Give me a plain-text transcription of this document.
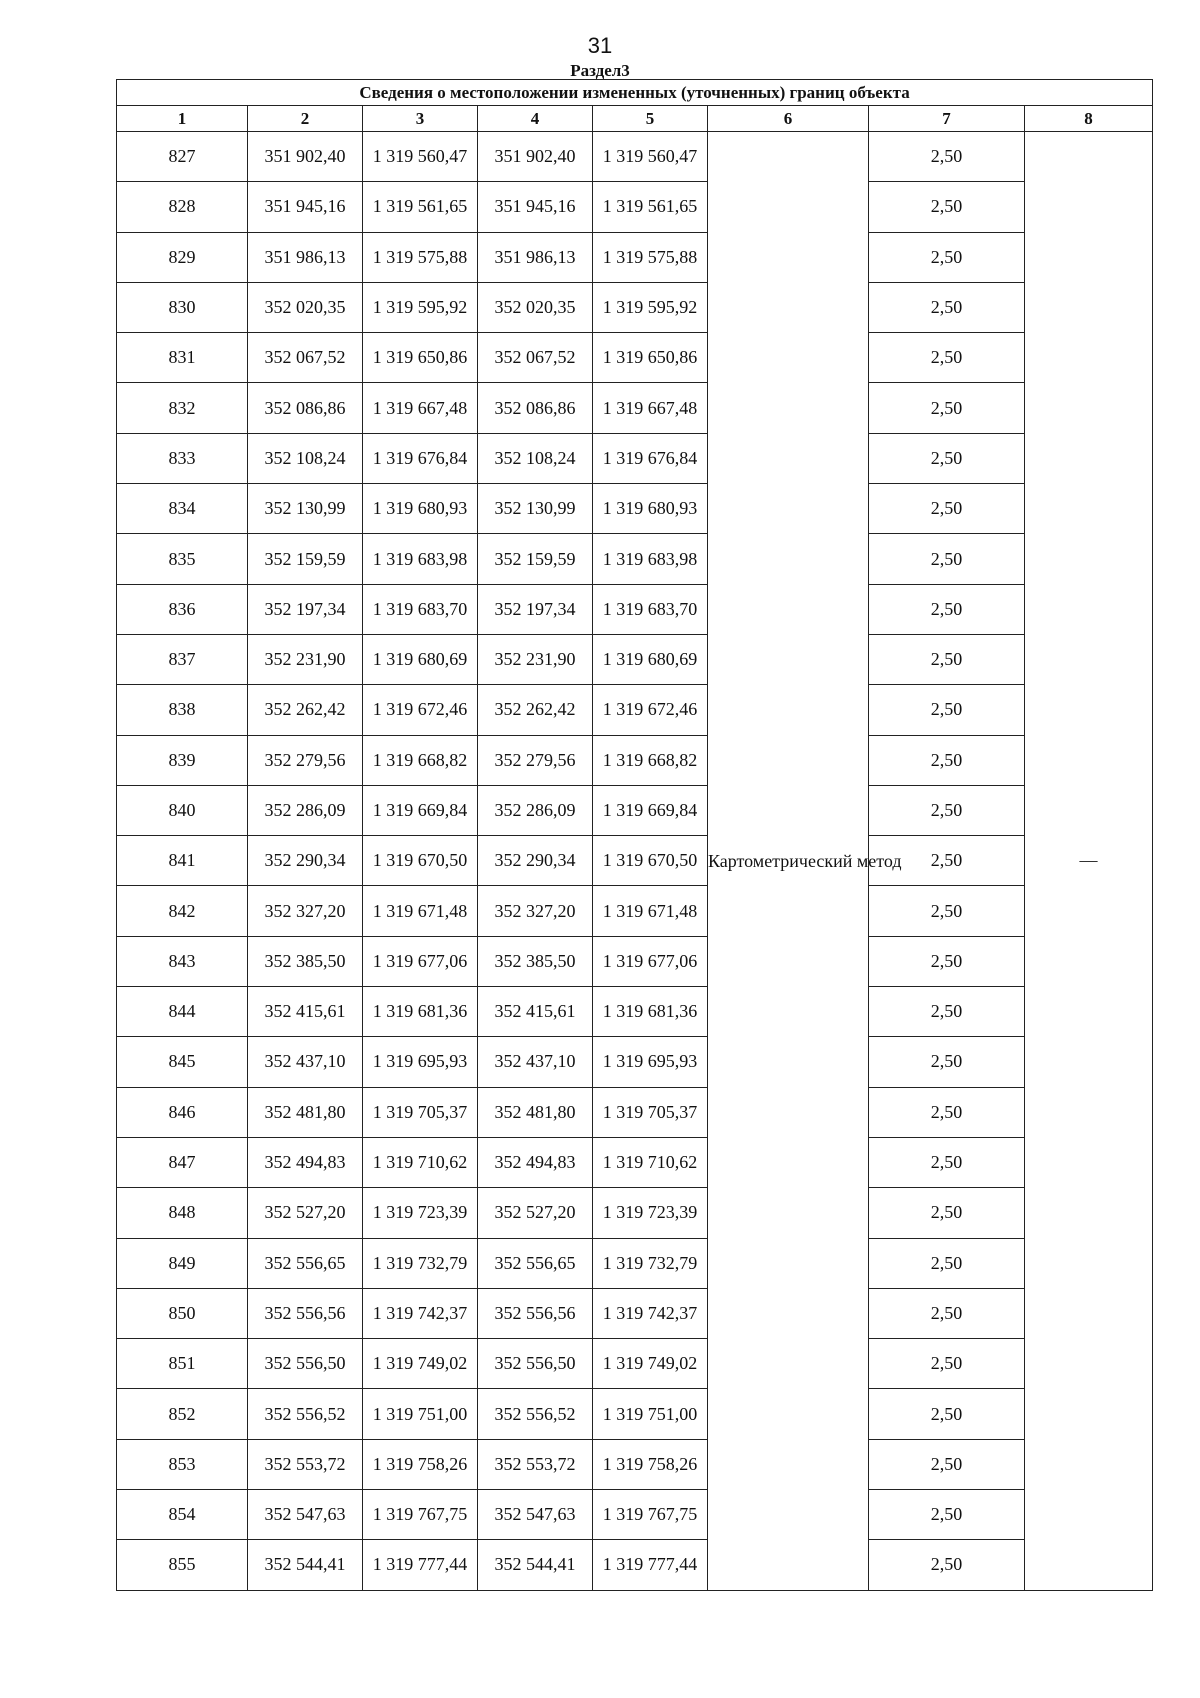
31
Раздел3
Сведения о местоположении измененных (уточненных) границ объекта							
1	2	3	4	5	6	7	8
827	351 902,40	1 319 560,47	351 902,40	1 319 560,47	Картометрический метод	2,50	—
828	351 945,16	1 319 561,65	351 945,16	1 319 561,65		2,50	
829	351 986,13	1 319 575,88	351 986,13	1 319 575,88		2,50	
830	352 020,35	1 319 595,92	352 020,35	1 319 595,92		2,50	
831	352 067,52	1 319 650,86	352 067,52	1 319 650,86		2,50	
832	352 086,86	1 319 667,48	352 086,86	1 319 667,48		2,50	
833	352 108,24	1 319 676,84	352 108,24	1 319 676,84		2,50	
834	352 130,99	1 319 680,93	352 130,99	1 319 680,93		2,50	
835	352 159,59	1 319 683,98	352 159,59	1 319 683,98		2,50	
836	352 197,34	1 319 683,70	352 197,34	1 319 683,70		2,50	
837	352 231,90	1 319 680,69	352 231,90	1 319 680,69		2,50	
838	352 262,42	1 319 672,46	352 262,42	1 319 672,46		2,50	
839	352 279,56	1 319 668,82	352 279,56	1 319 668,82		2,50	
840	352 286,09	1 319 669,84	352 286,09	1 319 669,84		2,50	
841	352 290,34	1 319 670,50	352 290,34	1 319 670,50		2,50	
842	352 327,20	1 319 671,48	352 327,20	1 319 671,48		2,50	
843	352 385,50	1 319 677,06	352 385,50	1 319 677,06		2,50	
844	352 415,61	1 319 681,36	352 415,61	1 319 681,36		2,50	
845	352 437,10	1 319 695,93	352 437,10	1 319 695,93		2,50	
846	352 481,80	1 319 705,37	352 481,80	1 319 705,37		2,50	
847	352 494,83	1 319 710,62	352 494,83	1 319 710,62		2,50	
848	352 527,20	1 319 723,39	352 527,20	1 319 723,39		2,50	
849	352 556,65	1 319 732,79	352 556,65	1 319 732,79		2,50	
850	352 556,56	1 319 742,37	352 556,56	1 319 742,37		2,50	
851	352 556,50	1 319 749,02	352 556,50	1 319 749,02		2,50	
852	352 556,52	1 319 751,00	352 556,52	1 319 751,00		2,50	
853	352 553,72	1 319 758,26	352 553,72	1 319 758,26		2,50	
854	352 547,63	1 319 767,75	352 547,63	1 319 767,75		2,50	
855	352 544,41	1 319 777,44	352 544,41	1 319 777,44		2,50	
